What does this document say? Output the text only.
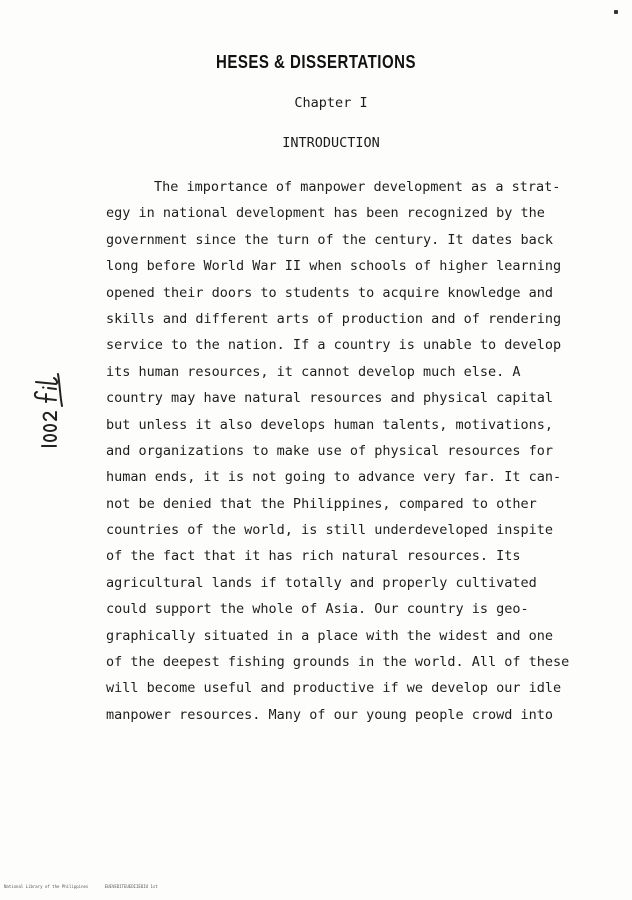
HESES & DISSERTATIONS
Chapter I
INTRODUCTION
The importance of manpower development as a strat-
egy in national development has been recognized by the
government since the turn of the century. It dates back
long before World War II when schools of higher learning
opened their doors to students to acquire knowledge and
skills and different arts of production and of rendering
service to the nation. If a country is unable to develop
its human resources, it cannot develop much else. A
country may have natural resources and physical capital
but unless it also develops human talents, motivations,
and organizations to make use of physical resources for
human ends, it is not going to advance very far. It can-
not be denied that the Philippines, compared to other
countries of the world, is still underdeveloped inspite
of the fact that it has rich natural resources. Its
agricultural lands if totally and properly cultivated
could support the whole of Asia. Our country is geo-
graphically situated in a place with the widest and one
of the deepest fishing grounds in the world. All of these
will become useful and productive if we develop our idle
manpower resources. Many of our young people crowd into
National Library of the Philippines	EUEVEDITEUEDIIEDIU 1st
